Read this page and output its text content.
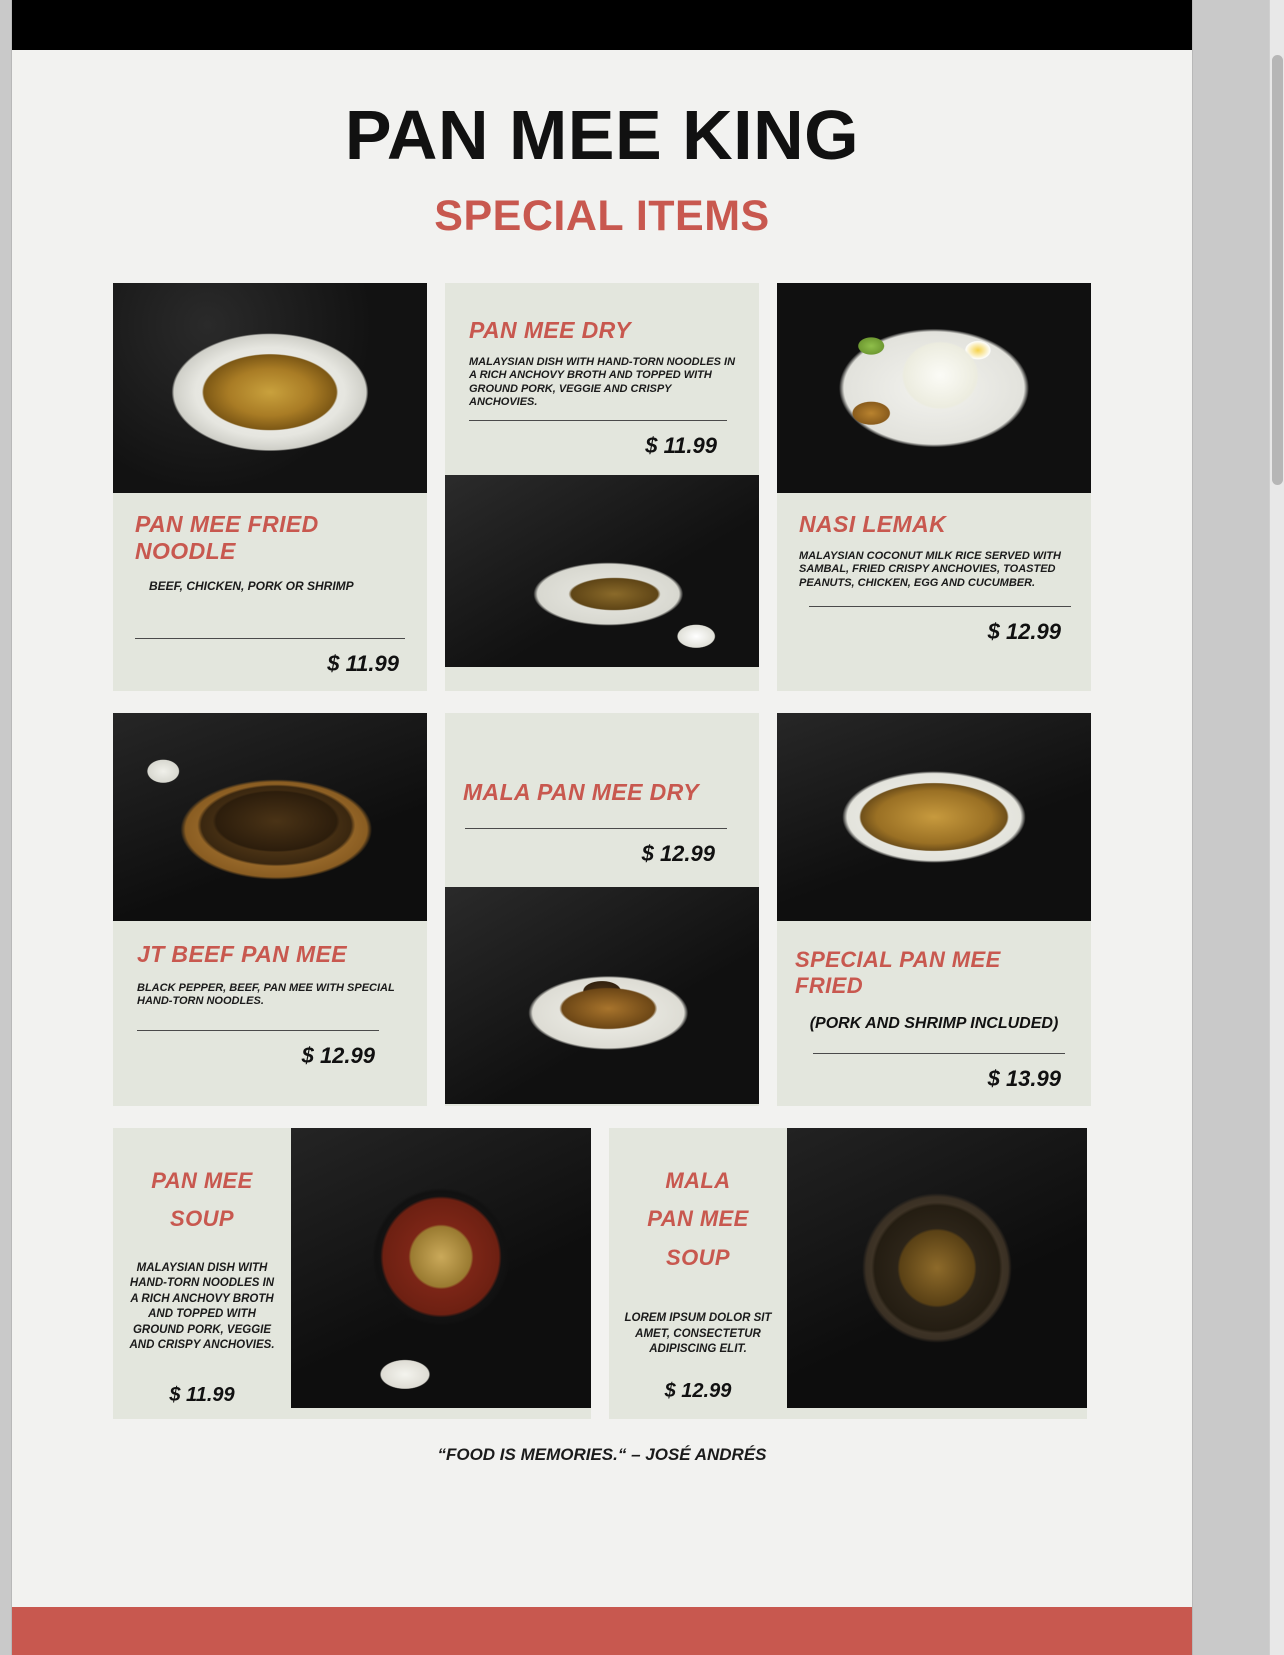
PAN MEE KING
SPECIAL ITEMS
PAN MEE FRIED NOODLE
BEEF, CHICKEN, PORK OR SHRIMP
$ 11.99
PAN MEE DRY
MALAYSIAN DISH WITH HAND-TORN NOODLES IN A RICH ANCHOVY BROTH AND TOPPED WITH GROUND PORK, VEGGIE AND CRISPY ANCHOVIES.
$ 11.99
NASI LEMAK
MALAYSIAN COCONUT MILK RICE SERVED WITH SAMBAL, FRIED CRISPY ANCHOVIES, TOASTED PEANUTS, CHICKEN, EGG AND CUCUMBER.
$ 12.99
JT BEEF PAN MEE
BLACK PEPPER, BEEF, PAN MEE WITH SPECIAL HAND-TORN NOODLES.
$ 12.99
MALA PAN MEE DRY
$ 12.99
SPECIAL PAN MEE FRIED
(PORK AND SHRIMP INCLUDED)
$ 13.99
PAN MEE
SOUP
MALAYSIAN DISH WITH HAND-TORN NOODLES IN A RICH ANCHOVY BROTH AND TOPPED WITH GROUND PORK, VEGGIE AND CRISPY ANCHOVIES.
$ 11.99
MALA
PAN MEE
SOUP
LOREM IPSUM DOLOR SIT AMET, CONSECTETUR ADIPISCING ELIT.
$ 12.99
“FOOD IS MEMORIES.“ – JOSÉ ANDRÉS
